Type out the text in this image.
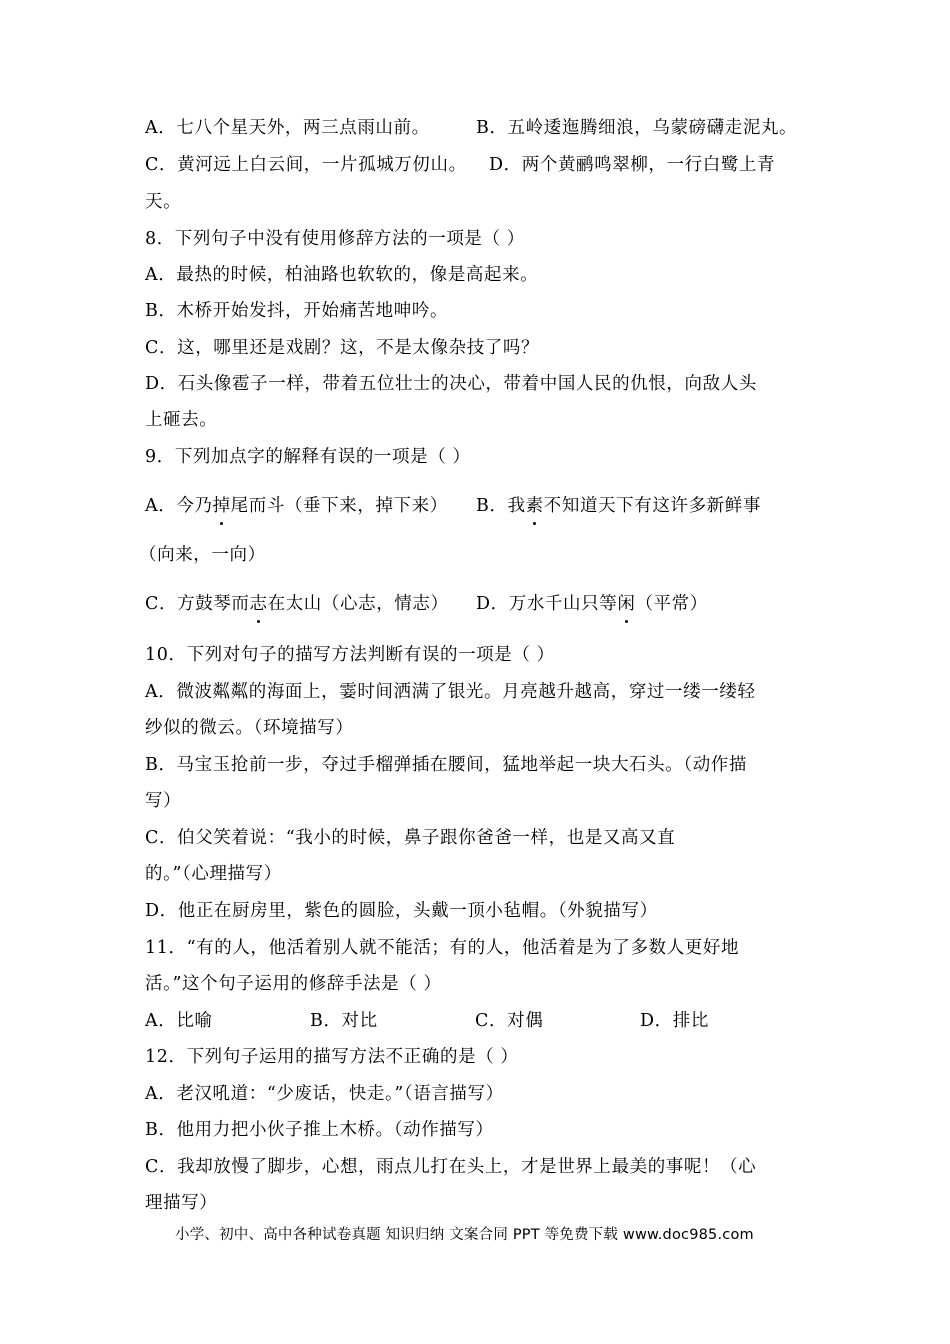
A．七八个星天外，两三点雨山前。	B．五岭逶迤腾细浪，乌蒙磅礴走泥丸。
C．黄河远上白云间，一片孤城万仞山。 D．两个黄鹂鸣翠柳，一行白鹭上青
天。
8．下列句子中没有使用修辞方法的一项是（ ）
A．最热的时候，柏油路也软软的，像是高起来。
B．木桥开始发抖，开始痛苦地呻吟。
C．这，哪里还是戏剧？这，不是太像杂技了吗？
D．石头像雹子一样，带着五位壮士的决心，带着中国人民的仇恨，向敌人头
上砸去。
9．下列加点字的解释有误的一项是（ ）
A．今乃掉尾而斗（垂下来，掉下来） B．我素不知道天下有这许多新鲜事
（向来，一向）
C．方鼓琴而志在太山（心志，情志） D．万水千山只等闲（平常）
10．下列对句子的描写方法判断有误的一项是（ ）
A．微波粼粼的海面上，霎时间洒满了银光。月亮越升越高，穿过一缕一缕轻
纱似的微云。（环境描写）
B．马宝玉抢前一步，夺过手榴弹插在腰间，猛地举起一块大石头。（动作描
写）
C．伯父笑着说：“我小的时候，鼻子跟你爸爸一样，也是又高又直
的。”（心理描写）
D．他正在厨房里，紫色的圆脸，头戴一顶小毡帽。（外貌描写）
11．“有的人，他活着别人就不能活；有的人，他活着是为了多数人更好地
活。”这个句子运用的修辞手法是（ ）
A．比喻	B．对比	C．对偶	D．排比
12．下列句子运用的描写方法不正确的是（ ）
A．老汉吼道：“少废话，快走。”（语言描写）
B．他用力把小伙子推上木桥。（动作描写）
C．我却放慢了脚步，心想，雨点儿打在头上，才是世界上最美的事呢！（心
理描写）
小学、初中、高中各种试卷真题 知识归纳 文案合同 PPT 等免费下载 www.doc985.com
